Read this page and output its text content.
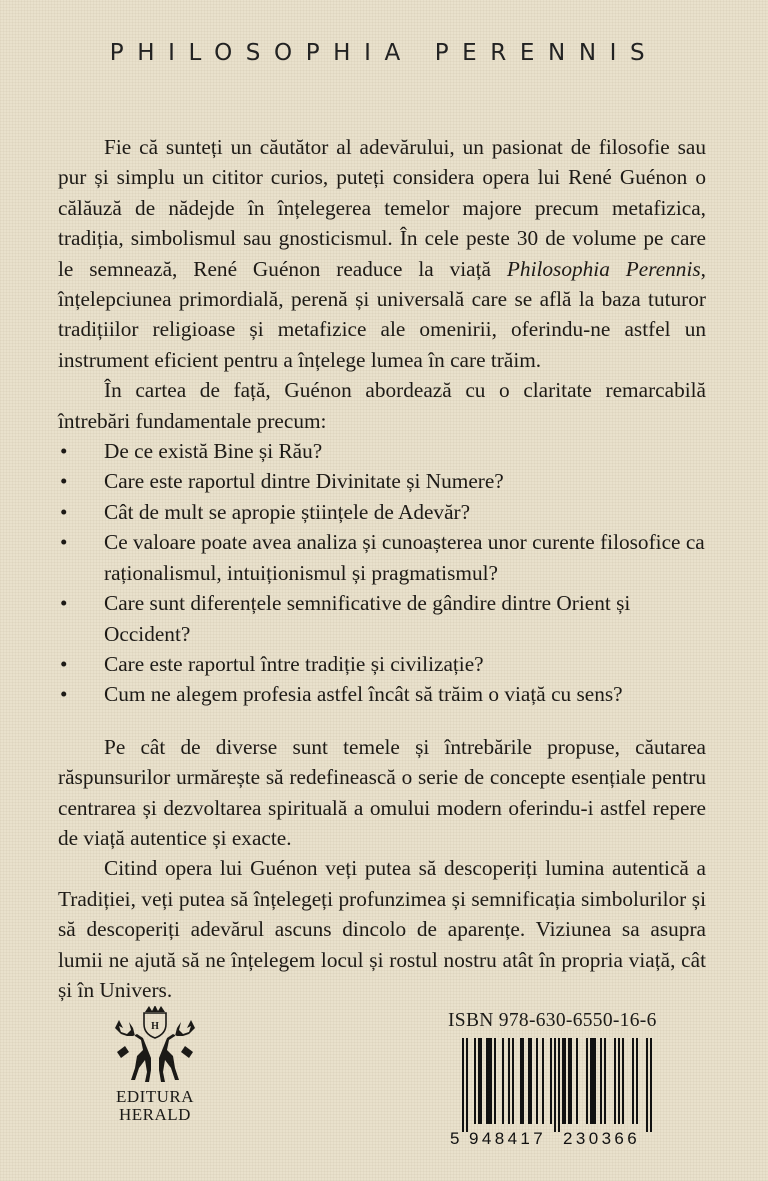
PHILOSOPHIA PERENNIS

Fie că sunteți un căutător al adevărului, un pasionat de filosofie sau pur și simplu un cititor curios, puteți considera opera lui René Guénon o călăuză de nădejde în înțelegerea temelor majore precum metafizica, tradiția, simbolismul sau gnosticismul. În cele peste 30 de volume pe care le semnează, René Guénon readuce la viață Philosophia Perennis, înțelepciunea primordială, perenă și universală care se află la baza tuturor tradițiilor religioase și metafizice ale omenirii, oferindu-ne astfel un instrument eficient pentru a înțelege lumea în care trăim.

În cartea de față, Guénon abordează cu o claritate remarcabilă întrebări fundamentale precum:

•	De ce există Bine și Rău?
•	Care este raportul dintre Divinitate și Numere?
•	Cât de mult se apropie științele de Adevăr?
•	Ce valoare poate avea analiza și cunoașterea unor curente filosofice ca raționalismul, intuiționismul și pragmatismul?
•	Care sunt diferențele semnificative de gândire dintre Orient și Occident?
•	Care este raportul între tradiție și civilizație?
•	Cum ne alegem profesia astfel încât să trăim o viață cu sens?

Pe cât de diverse sunt temele și întrebările propuse, căutarea răspunsurilor urmărește să redefinească o serie de concepte esențiale pentru centrarea și dezvoltarea spirituală a omului modern oferindu-i astfel repere de viață autentice și exacte.

Citind opera lui Guénon veți putea să descoperiți lumina autentică a Tradiției, veți putea să înțelegeți profunzimea și semnificația simbolurilor și să descoperiți adevărul ascuns dincolo de aparențe. Viziunea sa asupra lumii ne ajută să ne înțelegem locul și rostul nostru atât în propria viață, cât și în Univers.

H
EDITURA
HERALD
ISBN 978-630-6550-16-6
5 948417 230366
